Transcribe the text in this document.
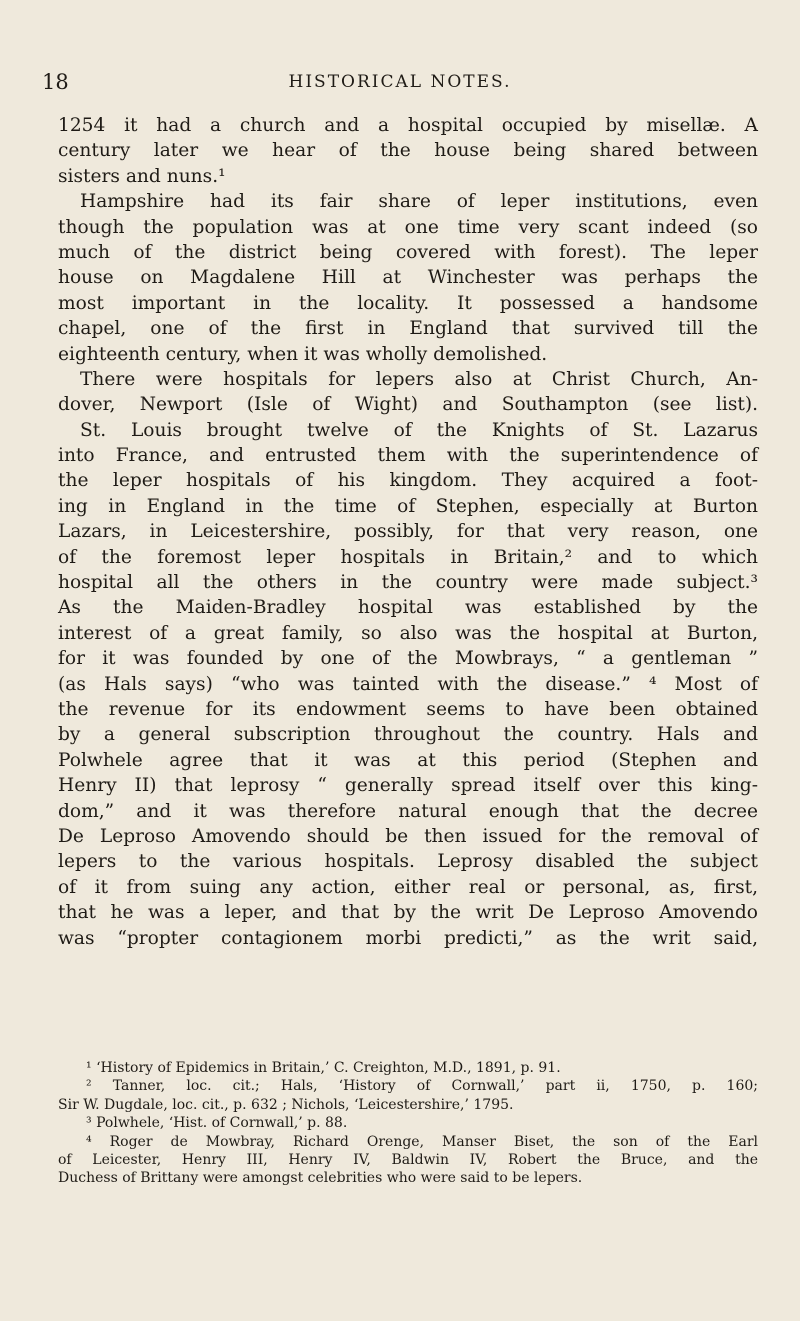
18	HISTORICAL NOTES.
1254 it had a church and a hospital occupied by misellæ. A
century later we hear of the house being shared between
sisters and nuns.¹
Hampshire had its fair share of leper institutions, even
though the population was at one time very scant indeed (so
much of the district being covered with forest). The leper
house on Magdalene Hill at Winchester was perhaps the
most important in the locality. It possessed a handsome
chapel, one of the first in England that survived till the
eighteenth century, when it was wholly demolished.
There were hospitals for lepers also at Christ Church, An-
dover, Newport (Isle of Wight) and Southampton (see list).
St. Louis brought twelve of the Knights of St. Lazarus
into France, and entrusted them with the superintendence of
the leper hospitals of his kingdom. They acquired a foot-
ing in England in the time of Stephen, especially at Burton
Lazars, in Leicestershire, possibly, for that very reason, one
of the foremost leper hospitals in Britain,² and to which
hospital all the others in the country were made subject.³
As the Maiden-Bradley hospital was established by the
interest of a great family, so also was the hospital at Burton,
for it was founded by one of the Mowbrays, “ a gentleman ”
(as Hals says) “who was tainted with the disease.” ⁴ Most of
the revenue for its endowment seems to have been obtained
by a general subscription throughout the country. Hals and
Polwhele agree that it was at this period (Stephen and
Henry II) that leprosy “ generally spread itself over this king-
dom,” and it was therefore natural enough that the decree
De Leproso Amovendo should be then issued for the removal of
lepers to the various hospitals. Leprosy disabled the subject
of it from suing any action, either real or personal, as, first,
that he was a leper, and that by the writ De Leproso Amovendo
was “propter contagionem morbi predicti,” as the writ said,
¹ ‘History of Epidemics in Britain,’ C. Creighton, M.D., 1891, p. 91.
² Tanner, loc. cit.; Hals, ‘History of Cornwall,’ part ii, 1750, p. 160;
Sir W. Dugdale, loc. cit., p. 632 ; Nichols, ‘Leicestershire,’ 1795.
³ Polwhele, ‘Hist. of Cornwall,’ p. 88.
⁴ Roger de Mowbray, Richard Orenge, Manser Biset, the son of the Earl
of Leicester, Henry III, Henry IV, Baldwin IV, Robert the Bruce, and the
Duchess of Brittany were amongst celebrities who were said to be lepers.
